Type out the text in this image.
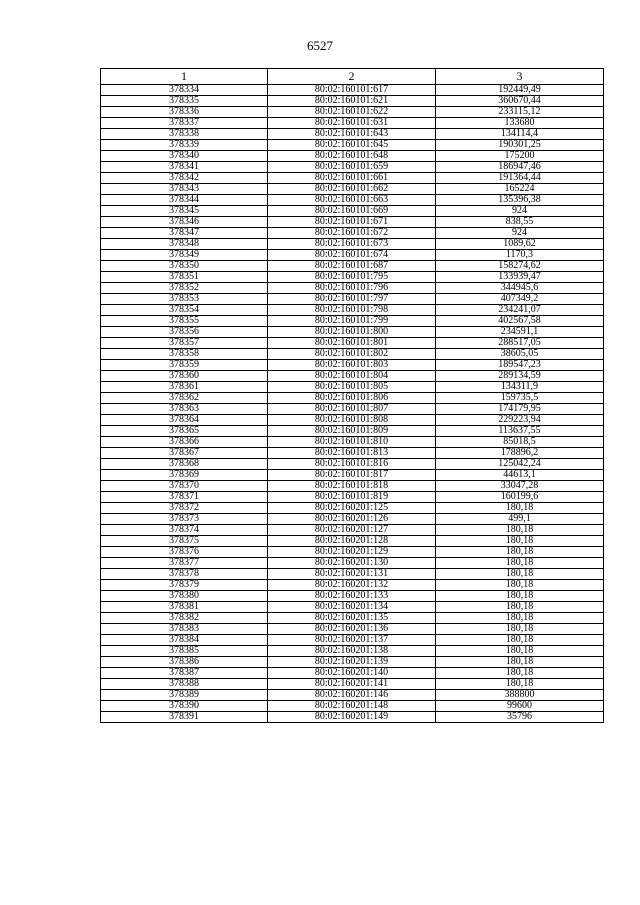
6527
1	2	3
378334	80:02:160101:617	192449,49
378335	80:02:160101:621	360670,44
378336	80:02:160101:622	233115,12
378337	80:02:160101:631	133680
378338	80:02:160101:643	134114,4
378339	80:02:160101:645	190301,25
378340	80:02:160101:648	175200
378341	80:02:160101:659	186947,46
378342	80:02:160101:661	191364,44
378343	80:02:160101:662	165224
378344	80:02:160101:663	135396,38
378345	80:02:160101:669	924
378346	80:02:160101:671	838,55
378347	80:02:160101:672	924
378348	80:02:160101:673	1089,62
378349	80:02:160101:674	1170,3
378350	80:02:160101:687	158274,62
378351	80:02:160101:795	133939,47
378352	80:02:160101:796	344945,6
378353	80:02:160101:797	407349,2
378354	80:02:160101:798	234241,07
378355	80:02:160101:799	402567,58
378356	80:02:160101:800	234591,1
378357	80:02:160101:801	288517,05
378358	80:02:160101:802	38605,05
378359	80:02:160101:803	189547,23
378360	80:02:160101:804	289134,59
378361	80:02:160101:805	134311,9
378362	80:02:160101:806	159735,5
378363	80:02:160101:807	174179,95
378364	80:02:160101:808	229223,94
378365	80:02:160101:809	113637,55
378366	80:02:160101:810	85018,5
378367	80:02:160101:813	178896,2
378368	80:02:160101:816	125042,24
378369	80:02:160101:817	44613,1
378370	80:02:160101:818	33047,28
378371	80:02:160101:819	160199,6
378372	80:02:160201:125	180,18
378373	80:02:160201:126	499,1
378374	80:02:160201:127	180,18
378375	80:02:160201:128	180,18
378376	80:02:160201:129	180,18
378377	80:02:160201:130	180,18
378378	80:02:160201:131	180,18
378379	80:02:160201:132	180,18
378380	80:02:160201:133	180,18
378381	80:02:160201:134	180,18
378382	80:02:160201:135	180,18
378383	80:02:160201:136	180,18
378384	80:02:160201:137	180,18
378385	80:02:160201:138	180,18
378386	80:02:160201:139	180,18
378387	80:02:160201:140	180,18
378388	80:02:160201:141	180,18
378389	80:02:160201:146	388800
378390	80:02:160201:148	99600
378391	80:02:160201:149	35796
